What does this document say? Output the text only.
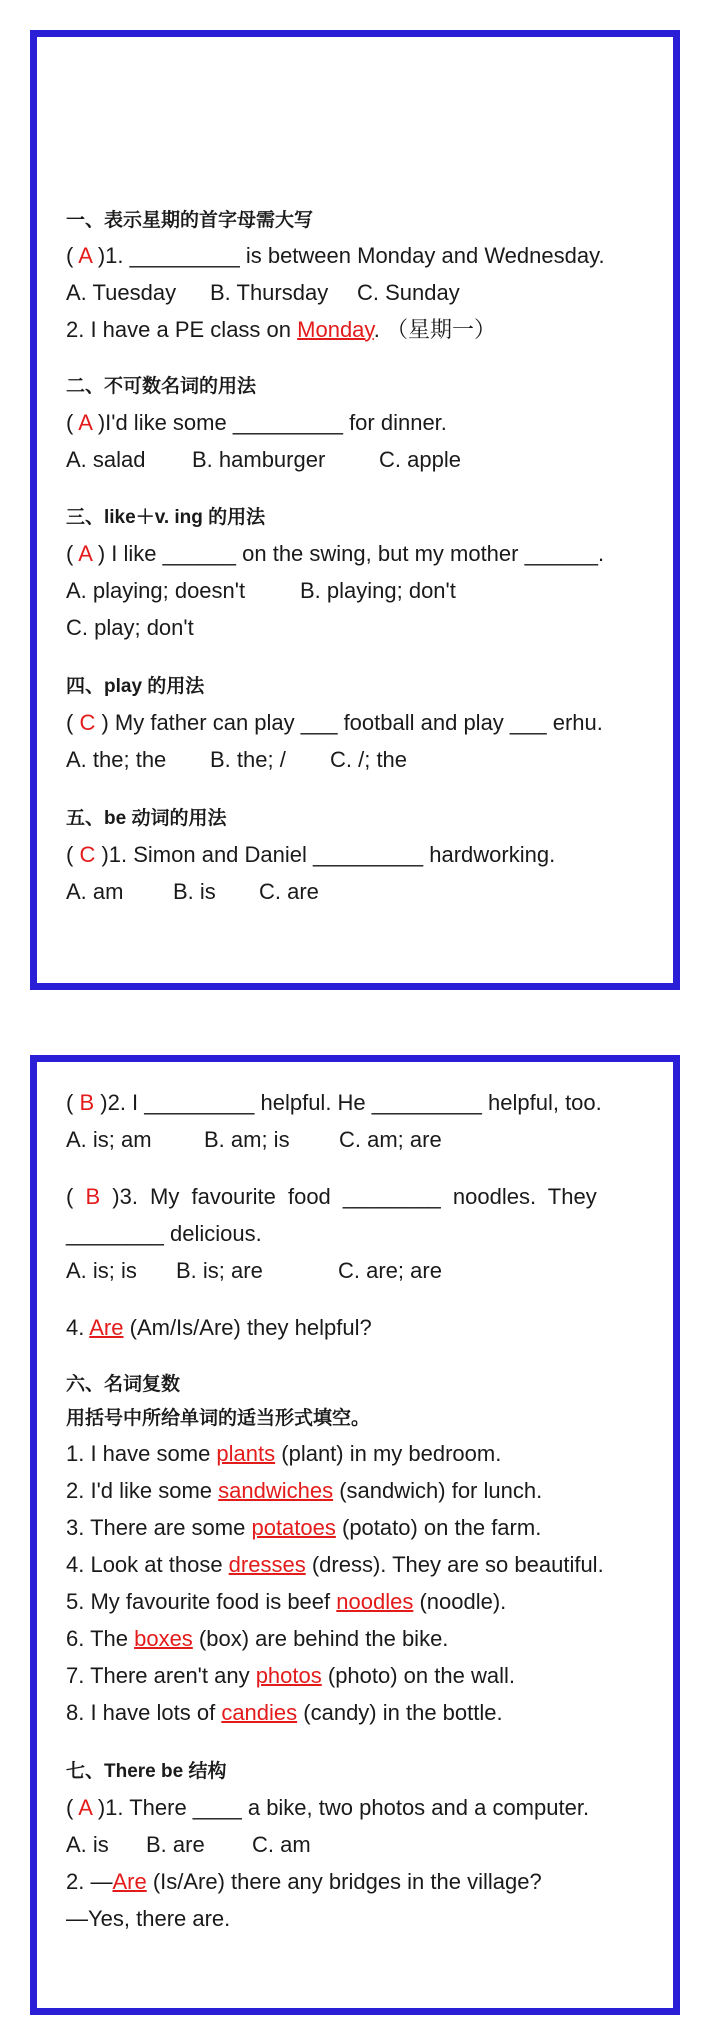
一、表示星期的首字母需大写
( A )1. _________ is between Monday and Wednesday.
A. Tuesday B. Thursday C. Sunday
2. I have a PE class on Monday. （星期一）
二、不可数名词的用法
( A )I'd like some _________ for dinner.
A. salad B. hamburger C. apple
三、like＋v. ing 的用法
( A ) I like ______ on the swing, but my mother ______.
A. playing; doesn't B. playing; don't
C. play; don't
四、play 的用法
( C ) My father can play ___ football and play ___ erhu.
A. the; the B. the; / C. /; the
五、be 动词的用法
( C )1. Simon and Daniel _________ hardworking.
A. am B. is C. are
( B )2. I _________ helpful. He _________ helpful, too.
A. is; am B. am; is C. am; are
( B )3. My favourite food ________ noodles. They
________ delicious.
A. is; is B. is; are	C. are; are
4. Are (Am/Is/Are) they helpful?
六、名词复数
用括号中所给单词的适当形式填空。
1. I have some plants (plant) in my bedroom.
2. I'd like some sandwiches (sandwich) for lunch.
3. There are some potatoes (potato) on the farm.
4. Look at those dresses (dress). They are so beautiful.
5. My favourite food is beef noodles (noodle).
6. The boxes (box) are behind the bike.
7. There aren't any photos (photo) on the wall.
8. I have lots of candies (candy) in the bottle.
七、There be 结构
( A )1. There ____ a bike, two photos and a computer.
A. is B. are C. am
2. —Are (Is/Are) there any bridges in the village?
—Yes, there are.
